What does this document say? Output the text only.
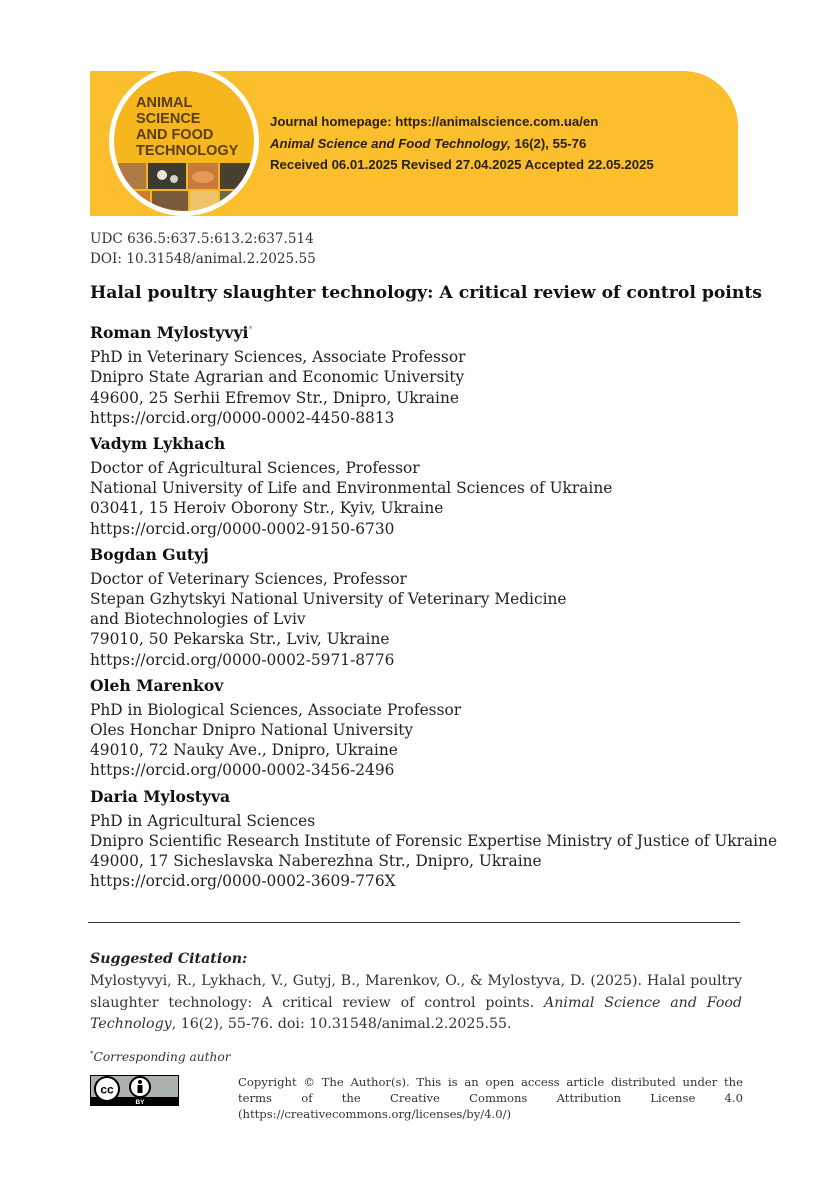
ANIMAL
SCIENCE
AND FOOD
TECHNOLOGY
Journal homepage: https://animalscience.com.ua/en
Animal Science and Food Technology, 16(2), 55-76
Received 06.01.2025 Revised 27.04.2025 Accepted 22.05.2025
UDC 636.5:637.5:613.2:637.514
DOI: 10.31548/animal.2.2025.55
Halal poultry slaughter technology: A critical review of control points
Roman Mylostyvyi*
PhD in Veterinary Sciences, Associate Professor
Dnipro State Agrarian and Economic University
49600, 25 Serhii Efremov Str., Dnipro, Ukraine
https://orcid.org/0000-0002-4450-8813
Vadym Lykhach
Doctor of Agricultural Sciences, Professor
National University of Life and Environmental Sciences of Ukraine
03041, 15 Heroiv Oborony Str., Kyiv, Ukraine
https://orcid.org/0000-0002-9150-6730
Bogdan Gutyj
Doctor of Veterinary Sciences, Professor
Stepan Gzhytskyi National University of Veterinary Medicine
and Biotechnologies of Lviv
79010, 50 Pekarska Str., Lviv, Ukraine
https://orcid.org/0000-0002-5971-8776
Oleh Marenkov
PhD in Biological Sciences, Associate Professor
Oles Honchar Dnipro National University
49010, 72 Nauky Ave., Dnipro, Ukraine
https://orcid.org/0000-0002-3456-2496
Daria Mylostyva
PhD in Agricultural Sciences
Dnipro Scientific Research Institute of Forensic Expertise Ministry of Justice of Ukraine
49000, 17 Sicheslavska Naberezhna Str., Dnipro, Ukraine
https://orcid.org/0000-0002-3609-776X
Suggested Citation:
Mylostyvyi, R., Lykhach, V., Gutyj, B., Marenkov, O., & Mylostyva, D. (2025). Halal poultry slaughter technology: A critical review of control points. Animal Science and Food Technology, 16(2), 55-76. doi: 10.31548/animal.2.2025.55.
*Corresponding author
cc
BY
Copyright © The Author(s). This is an open access article distributed under the terms of the Creative Commons Attribution License 4.0 (https://creativecommons.org/licenses/by/4.0/)
